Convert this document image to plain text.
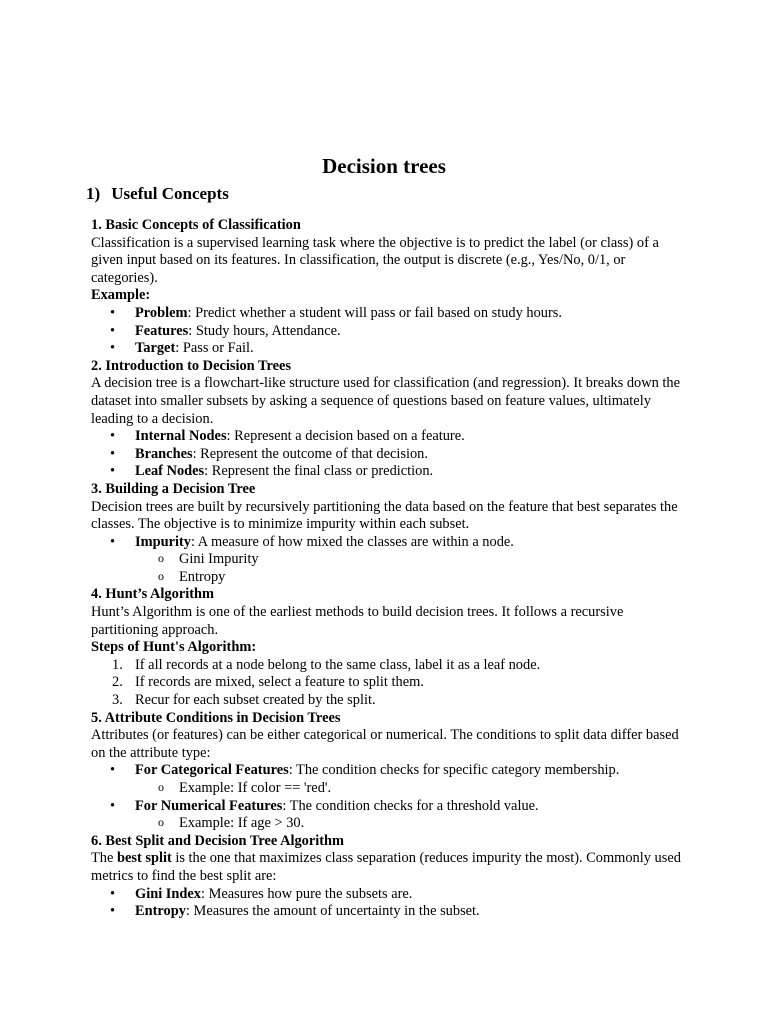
Decision trees
1) Useful Concepts

1. Basic Concepts of Classification

Classification is a supervised learning task where the objective is to predict the label (or class) of a given input based on its features. In classification, the output is discrete (e.g., Yes/No, 0/1, or categories).

Example:

• Problem: Predict whether a student will pass or fail based on study hours.
• Features: Study hours, Attendance.
• Target: Pass or Fail.

2. Introduction to Decision Trees

A decision tree is a flowchart-like structure used for classification (and regression). It breaks down the dataset into smaller subsets by asking a sequence of questions based on feature values, ultimately leading to a decision.

• Internal Nodes: Represent a decision based on a feature.
• Branches: Represent the outcome of that decision.
• Leaf Nodes: Represent the final class or prediction.

3. Building a Decision Tree

Decision trees are built by recursively partitioning the data based on the feature that best separates the classes. The objective is to minimize impurity within each subset.

• Impurity: A measure of how mixed the classes are within a node.
o Gini Impurity
o Entropy

4. Hunt’s Algorithm

Hunt’s Algorithm is one of the earliest methods to build decision trees. It follows a recursive partitioning approach.

Steps of Hunt's Algorithm:

1. If all records at a node belong to the same class, label it as a leaf node.
2. If records are mixed, select a feature to split them.
3. Recur for each subset created by the split.

5. Attribute Conditions in Decision Trees

Attributes (or features) can be either categorical or numerical. The conditions to split data differ based on the attribute type:

• For Categorical Features: The condition checks for specific category membership.
o Example: If color == 'red'.
• For Numerical Features: The condition checks for a threshold value.
o Example: If age > 30.

6. Best Split and Decision Tree Algorithm

The best split is the one that maximizes class separation (reduces impurity the most). Commonly used metrics to find the best split are:

• Gini Index: Measures how pure the subsets are.
• Entropy: Measures the amount of uncertainty in the subset.
